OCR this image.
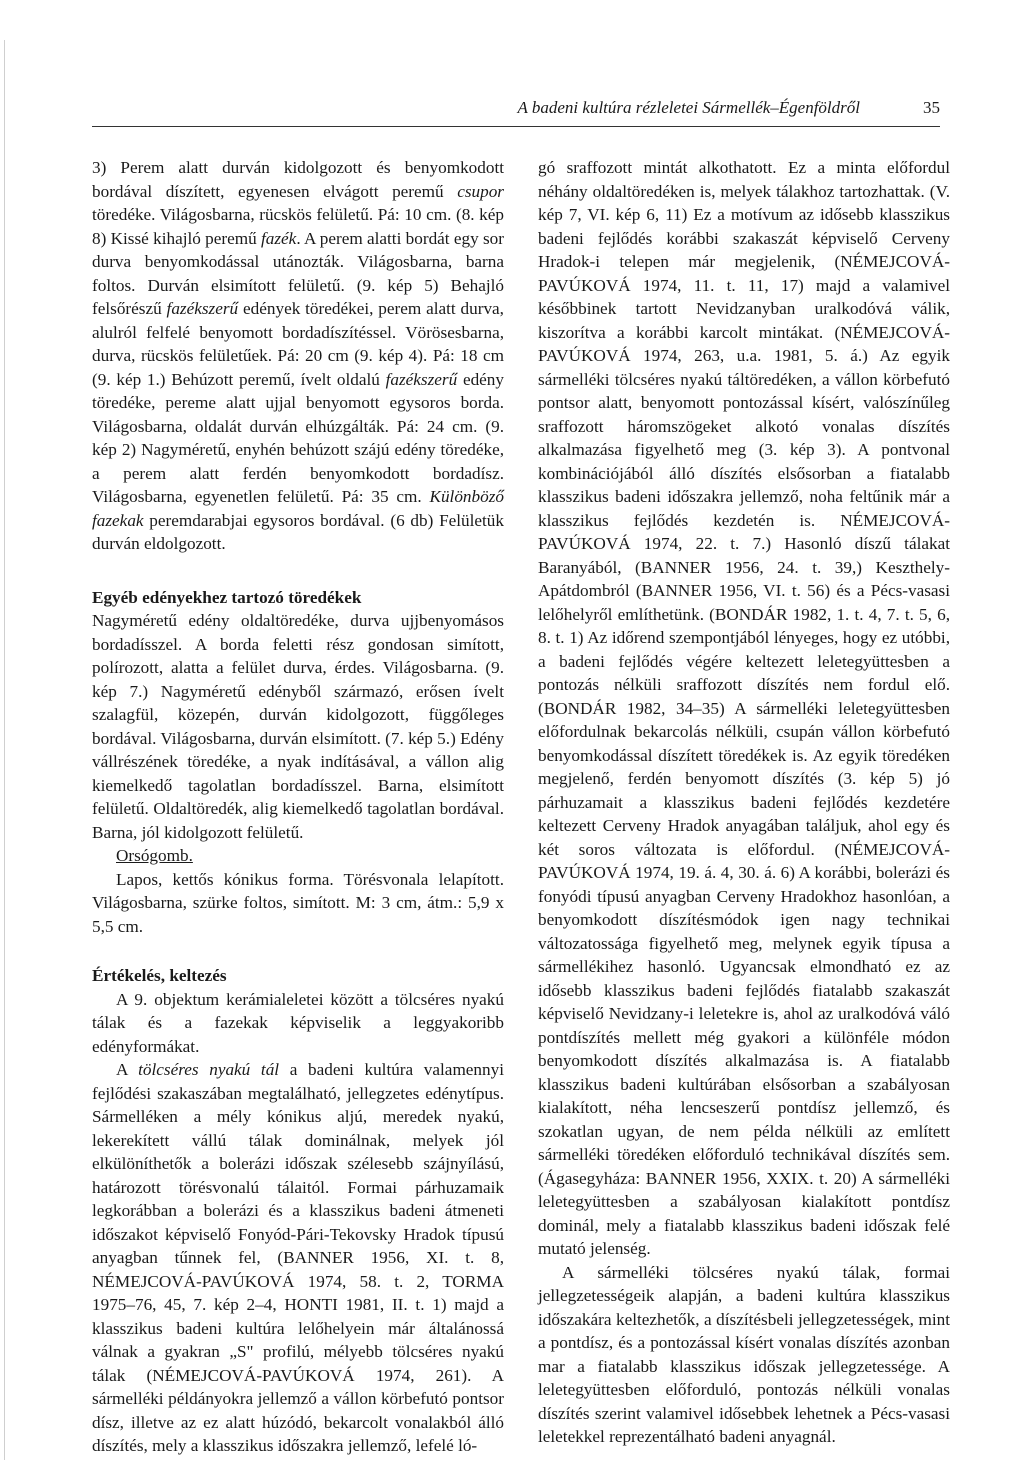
A badeni kultúra rézleletei Sármellék–Égenföldről	35

3) Perem alatt durván kidolgozott és benyomkodott bordával díszített, egyenesen elvágott peremű csupor töredéke. Világosbarna, rücskös felületű. Pá: 10 cm. (8. kép 8) Kissé kihajló peremű fazék. A perem alatti bordát egy sor durva benyomkodással utánozták. Világosbarna, barna foltos. Durván elsimított felületű. (9. kép 5) Behajló felsőrészű fazékszerű edények töredékei, perem alatt durva, alulról felfelé benyomott bordadíszítéssel. Vörösesbarna, durva, rücskös felületűek. Pá: 20 cm (9. kép 4). Pá: 18 cm (9. kép 1.) Behúzott peremű, ívelt oldalú fazékszerű edény töredéke, pereme alatt ujjal benyomott egysoros borda. Világosbarna, oldalát durván elhúzgálták. Pá: 24 cm. (9. kép 2) Nagyméretű, enyhén behúzott szájú edény töredéke, a perem alatt ferdén benyomkodott bordadísz. Világosbarna, egyenetlen felületű. Pá: 35 cm. Különböző fazekak peremdarabjai egysoros bordával. (6 db) Felületük durván eldolgozott.

Egyéb edényekhez tartozó töredékek

Nagyméretű edény oldaltöredéke, durva ujjbenyomásos bordadísszel. A borda feletti rész gondosan simított, polírozott, alatta a felület durva, érdes. Világosbarna. (9. kép 7.) Nagyméretű edényből származó, erősen ívelt szalagfül, közepén, durván kidolgozott, függőleges bordával. Világosbarna, durván elsimított. (7. kép 5.) Edény vállrészének töredéke, a nyak indításával, a vállon alig kiemelkedő tagolatlan bordadísszel. Barna, elsimított felületű. Oldaltöredék, alig kiemelkedő tagolatlan bordával. Barna, jól kidolgozott felületű.

Orsógomb.

Lapos, kettős kónikus forma. Törésvonala lelapított. Világosbarna, szürke foltos, simított. M: 3 cm, átm.: 5,9 x 5,5 cm.

Értékelés, keltezés

A 9. objektum kerámialeletei között a tölcséres nyakú tálak és a fazekak képviselik a leggyakoribb edényformákat.

A tölcséres nyakú tál a badeni kultúra valamennyi fejlődési szakaszában megtalálható, jellegzetes edénytípus. Sármelléken a mély kónikus aljú, meredek nyakú, lekerekített vállú tálak dominálnak, melyek jól elkülöníthetők a bolerázi időszak szélesebb szájnyílású, határozott törésvonalú tálaitól. Formai párhuzamaik legkorábban a bolerázi és a klasszikus badeni átmeneti időszakot képviselő Fonyód-Pári-Tekovsky Hradok típusú anyagban tűnnek fel, (BANNER 1956, XI. t. 8, NÉMEJCOVÁ-PAVÚKOVÁ 1974, 58. t. 2, TORMA 1975–76, 45, 7. kép 2–4, HONTI 1981, II. t. 1) majd a klasszikus badeni kultúra lelőhelyein már általánossá válnak a gyakran „S" profilú, mélyebb tölcséres nyakú tálak (NÉMEJCOVÁ-PAVÚKOVÁ 1974, 261). A sármelléki példányokra jellemző a vállon körbefutó pontsor dísz, illetve az ez alatt húzódó, bekarcolt vonalakból álló díszítés, mely a klasszikus időszakra jellemző, lefelé ló-

gó sraffozott mintát alkothatott. Ez a minta előfordul néhány oldaltöredéken is, melyek tálakhoz tartozhattak. (V. kép 7, VI. kép 6, 11) Ez a motívum az idősebb klasszikus badeni fejlődés korábbi szakaszát képviselő Cerveny Hradok-i telepen már megjelenik, (NÉMEJCOVÁ-PAVÚKOVÁ 1974, 11. t. 11, 17) majd a valamivel későbbinek tartott Nevidzanyban uralkodóvá válik, kiszorítva a korábbi karcolt mintákat. (NÉMEJCOVÁ-PAVÚKOVÁ 1974, 263, u.a. 1981, 5. á.) Az egyik sármelléki tölcséres nyakú táltöredéken, a vállon körbefutó pontsor alatt, benyomott pontozással kísért, valószínűleg sraffozott háromszögeket alkotó vonalas díszítés alkalmazása figyelhető meg (3. kép 3). A pontvonal kombinációjából álló díszítés elsősorban a fiatalabb klasszikus badeni időszakra jellemző, noha feltűnik már a klasszikus fejlődés kezdetén is. NÉMEJCOVÁ-PAVÚKOVÁ 1974, 22. t. 7.) Hasonló díszű tálakat Baranyából, (BANNER 1956, 24. t. 39,) Keszthely-Apátdombról (BANNER 1956, VI. t. 56) és a Pécs-vasasi lelőhelyről említhetünk. (BONDÁR 1982, 1. t. 4, 7. t. 5, 6, 8. t. 1) Az időrend szempontjából lényeges, hogy ez utóbbi, a badeni fejlődés végére keltezett leletegyüttesben a pontozás nélküli sraffozott díszítés nem fordul elő. (BONDÁR 1982, 34–35) A sármelléki leletegyüttesben előfordulnak bekarcolás nélküli, csupán vállon körbefutó benyomkodással díszített töredékek is. Az egyik töredéken megjelenő, ferdén benyomott díszítés (3. kép 5) jó párhuzamait a klasszikus badeni fejlődés kezdetére keltezett Cerveny Hradok anyagában találjuk, ahol egy és két soros változata is előfordul. (NÉMEJCOVÁ-PAVÚKOVÁ 1974, 19. á. 4, 30. á. 6) A korábbi, bolerázi és fonyódi típusú anyagban Cerveny Hradokhoz hasonlóan, a benyomkodott díszítésmódok igen nagy technikai változatossága figyelhető meg, melynek egyik típusa a sármellékihez hasonló. Ugyancsak elmondható ez az idősebb klasszikus badeni fejlődés fiatalabb szakaszát képviselő Nevidzany-i leletekre is, ahol az uralkodóvá váló pontdíszítés mellett még gyakori a különféle módon benyomkodott díszítés alkalmazása is. A fiatalabb klasszikus badeni kultúrában elsősorban a szabályosan kialakított, néha lencseszerű pontdísz jellemző, és szokatlan ugyan, de nem példa nélküli az említett sármelléki töredéken előforduló technikával díszítés sem. (Ágasegyháza: BANNER 1956, XXIX. t. 20) A sármelléki leletegyüttesben a szabályosan kialakított pontdísz dominál, mely a fiatalabb klasszikus badeni időszak felé mutató jelenség.

A sármelléki tölcséres nyakú tálak, formai jellegzetességeik alapján, a badeni kultúra klasszikus időszakára keltezhetők, a díszítésbeli jellegzetességek, mint a pontdísz, és a pontozással kísért vonalas díszítés azonban mar a fiatalabb klasszikus időszak jellegzetessége. A leletegyüttesben előforduló, pontozás nélküli vonalas díszítés szerint valamivel idősebbek lehetnek a Pécs-vasasi leletekkel reprezentálható badeni anyagnál.
